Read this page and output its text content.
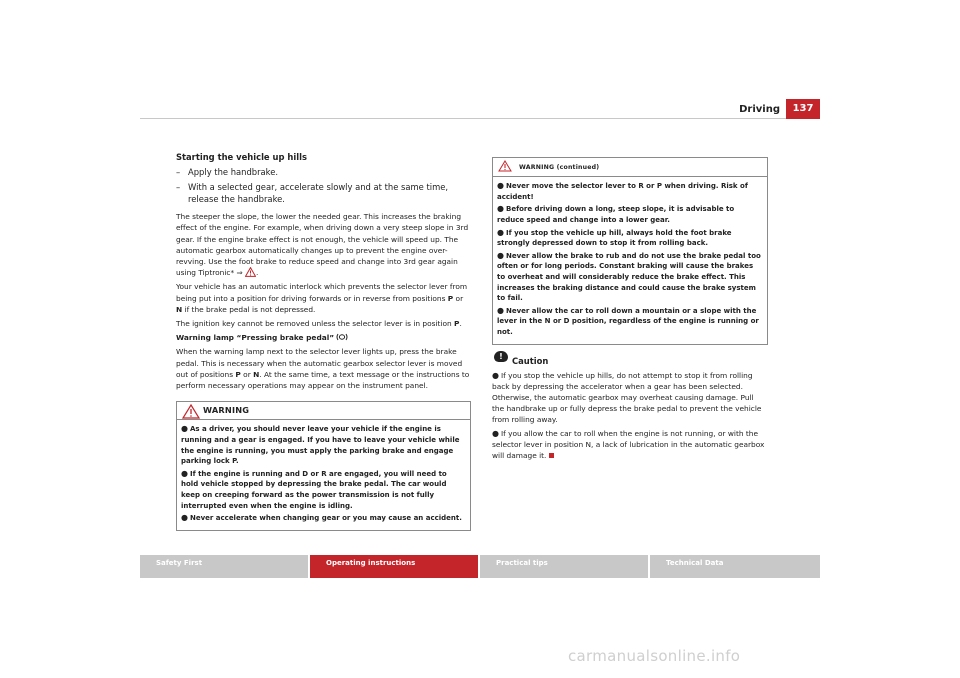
Driving	137
Starting the vehicle up hills
– Apply the handbrake.
– With a selected gear, accelerate slowly and at the same time, release the handbrake.

The steeper the slope, the lower the needed gear. This increases the braking effect of the engine. For example, when driving down a very steep slope in 3rd gear. If the engine brake effect is not enough, the vehicle will speed up. The automatic gearbox automatically changes up to prevent the engine over-revving. Use the foot brake to reduce speed and change into 3rd gear again using Tiptronic* ⇒ .

Your vehicle has an automatic interlock which prevents the selector lever from being put into a position for driving forwards or in reverse from positions P or N if the brake pedal is not depressed.

The ignition key cannot be removed unless the selector lever is in position P.

Warning lamp “Pressing brake pedal”

When the warning lamp next to the selector lever lights up, press the brake pedal. This is necessary when the automatic gearbox selector lever is moved out of positions P or N. At the same time, a text message or the instructions to perform necessary operations may appear on the instrument panel.

WARNING
● As a driver, you should never leave your vehicle if the engine is running and a gear is engaged. If you have to leave your vehicle while the engine is running, you must apply the parking brake and engage parking lock P.
● If the engine is running and D or R are engaged, you will need to hold vehicle stopped by depressing the brake pedal. The car would keep on creeping forward as the power transmission is not fully interrupted even when the engine is idling.
● Never accelerate when changing gear or you may cause an accident.
WARNING (continued)
● Never move the selector lever to R or P when driving. Risk of accident!
● Before driving down a long, steep slope, it is advisable to reduce speed and change into a lower gear.
● If you stop the vehicle up hill, always hold the foot brake strongly depressed down to stop it from rolling back.
● Never allow the brake to rub and do not use the brake pedal too often or for long periods. Constant braking will cause the brakes to overheat and will considerably reduce the brake effect. This increases the braking distance and could cause the brake system to fail.
● Never allow the car to roll down a mountain or a slope with the lever in the N or D position, regardless of the engine is running or not.
!	Caution
● If you stop the vehicle up hills, do not attempt to stop it from rolling back by depressing the accelerator when a gear has been selected. Otherwise, the automatic gearbox may overheat causing damage. Pull the handbrake up or fully depress the brake pedal to prevent the vehicle from rolling away.
● If you allow the car to roll when the engine is not running, or with the selector lever in position N, a lack of lubrication in the automatic gearbox will damage it.
Safety First	Operating instructions	Practical tips	Technical Data
carmanualsonline.info
